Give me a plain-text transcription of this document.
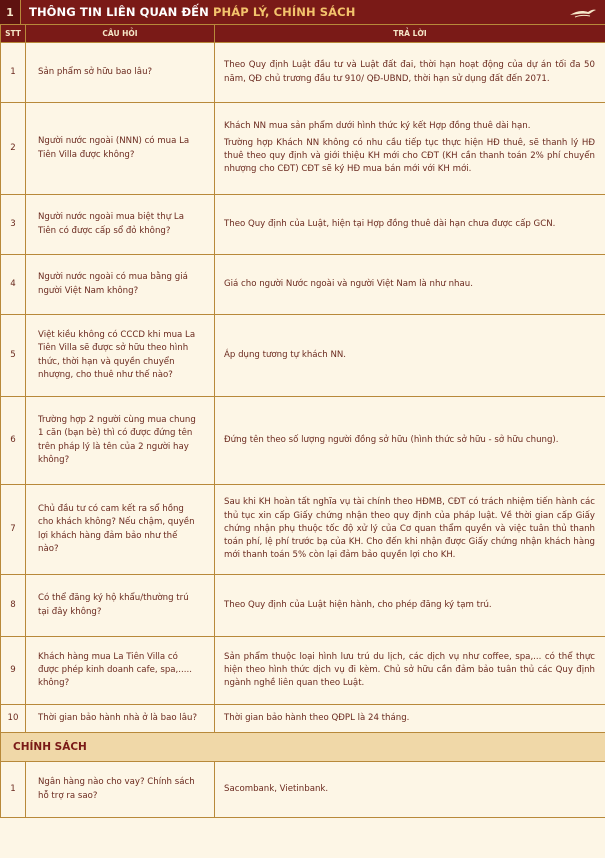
1	THÔNG TIN LIÊN QUAN ĐẾN PHÁP LÝ, CHÍNH SÁCH
STT	CÂU HỎI	TRẢ LỜI
1	Sản phẩm sở hữu bao lâu?	Theo Quy định Luật đầu tư và Luật đất đai, thời hạn hoạt động của dự án tối đa 50 năm, QĐ chủ trương đầu tư 910/ QĐ-UBND, thời hạn sử dụng đất đến 2071.

2	Người nước ngoài (NNN) có mua La Tiên Villa được không?	Khách NN mua sản phẩm dưới hình thức ký kết Hợp đồng thuê dài hạn.

Trường hợp Khách NN không có nhu cầu tiếp tục thực hiện HĐ thuê, sẽ thanh lý HĐ thuê theo quy định và giới thiệu KH mới cho CĐT (KH cần thanh toán 2% phí chuyển nhượng cho CĐT) CĐT sẽ ký HĐ mua bán mới với KH mới.

3	Người nước ngoài mua biệt thự La Tiên có được cấp sổ đỏ không?	Theo Quy định của Luật, hiện tại Hợp đồng thuê dài hạn chưa được cấp GCN.

4	Người nước ngoài có mua bằng giá người Việt Nam không?	Giá cho người Nước ngoài và người Việt Nam là như nhau.

5	Việt kiều không có CCCD khi mua La Tiên Villa sẽ được sở hữu theo hình thức, thời hạn và quyền chuyển nhượng, cho thuê như thế nào?	Áp dụng tương tự khách NN.

6	Trường hợp 2 người cùng mua chung 1 căn (bạn bè) thì có được đứng tên trên pháp lý là tên của 2 người hay không?	Đứng tên theo số lượng người đồng sở hữu (hình thức sở hữu - sở hữu chung).

7	Chủ đầu tư có cam kết ra sổ hồng cho khách không? Nếu chậm, quyền lợi khách hàng đảm bảo như thế nào?	Sau khi KH hoàn tất nghĩa vụ tài chính theo HĐMB, CĐT có trách nhiệm tiến hành các thủ tục xin cấp Giấy chứng nhận theo quy định của pháp luật. Về thời gian cấp Giấy chứng nhận phụ thuộc tốc độ xử lý của Cơ quan thẩm quyền và việc tuân thủ thanh toán phí, lệ phí trước bạ của KH. Cho đến khi nhận được Giấy chứng nhận khách hàng mới thanh toán 5% còn lại đảm bảo quyền lợi cho KH.

8	Có thể đăng ký hộ khẩu/thường trú tại đây không?	Theo Quy định của Luật hiện hành, cho phép đăng ký tạm trú.

9	Khách hàng mua La Tiên Villa có được phép kinh doanh cafe, spa,..... không?	Sản phẩm thuộc loại hình lưu trú du lịch, các dịch vụ như coffee, spa,... có thể thực hiện theo hình thức dịch vụ đi kèm. Chủ sở hữu cần đảm bảo tuân thủ các Quy định ngành nghề liên quan theo Luật.

10	Thời gian bảo hành nhà ở là bao lâu?	Thời gian bảo hành theo QĐPL là 24 tháng.

CHÍNH SÁCH		
1	Ngân hàng nào cho vay? Chính sách hỗ trợ ra sao?	Sacombank, Vietinbank.
